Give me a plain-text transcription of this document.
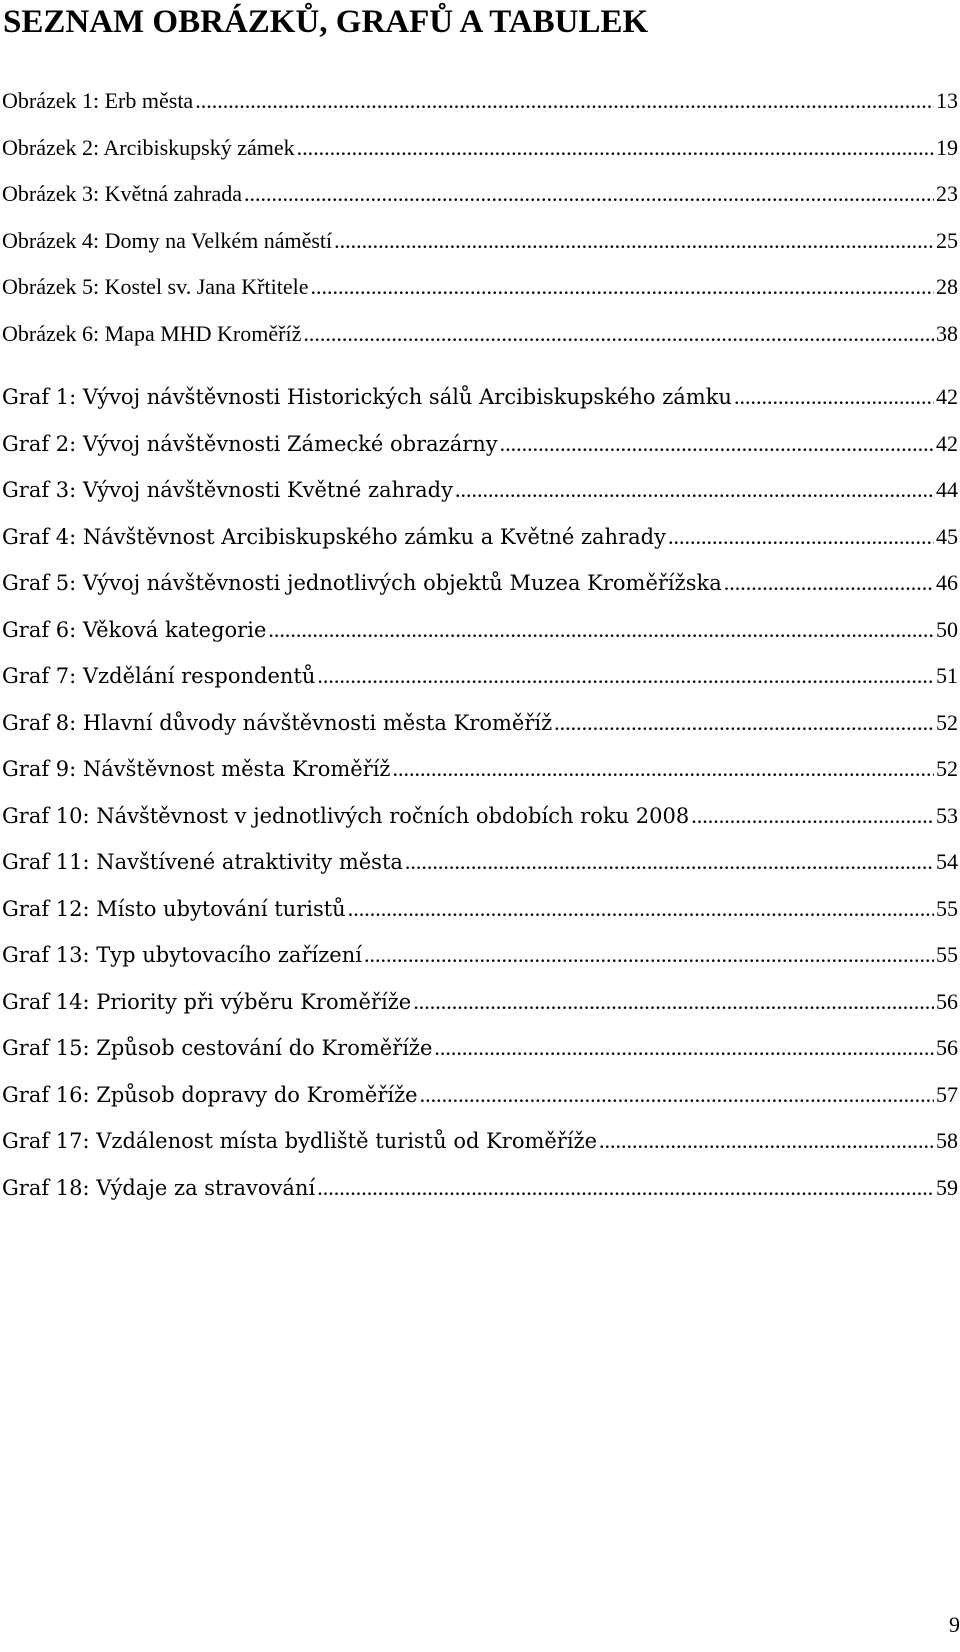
SEZNAM OBRÁZKŮ, GRAFŮ A TABULEK
Obrázek 1: Erb města .....	13
Obrázek 2: Arcibiskupský zámek .....	19
Obrázek 3: Květná zahrada .....	23
Obrázek 4: Domy na Velkém náměstí .....	25
Obrázek 5: Kostel sv. Jana Křtitele .....	28
Obrázek 6: Mapa MHD Kroměříž .....	38
Graf 1: Vývoj návštěvnosti Historických sálů Arcibiskupského zámku .....	42
Graf 2: Vývoj návštěvnosti Zámecké obrazárny .....	42
Graf 3: Vývoj návštěvnosti Květné zahrady .....	44
Graf 4: Návštěvnost Arcibiskupského zámku a Květné zahrady .....	45
Graf 5: Vývoj návštěvnosti jednotlivých objektů Muzea Kroměřížska .....	46
Graf 6: Věková kategorie .....	50
Graf 7: Vzdělání respondentů .....	51
Graf 8: Hlavní důvody návštěvnosti města Kroměříž .....	52
Graf 9: Návštěvnost města Kroměříž .....	52
Graf 10: Návštěvnost v jednotlivých ročních obdobích roku 2008 .....	53
Graf 11: Navštívené atraktivity města .....	54
Graf 12: Místo ubytování turistů .....	55
Graf 13: Typ ubytovacího zařízení .....	55
Graf 14: Priority při výběru Kroměříže .....	56
Graf 15: Způsob cestování do Kroměříže .....	56
Graf 16: Způsob dopravy do Kroměříže .....	57
Graf 17: Vzdálenost místa bydliště turistů od Kroměříže .....	58
Graf 18: Výdaje za stravování .....	59
9
